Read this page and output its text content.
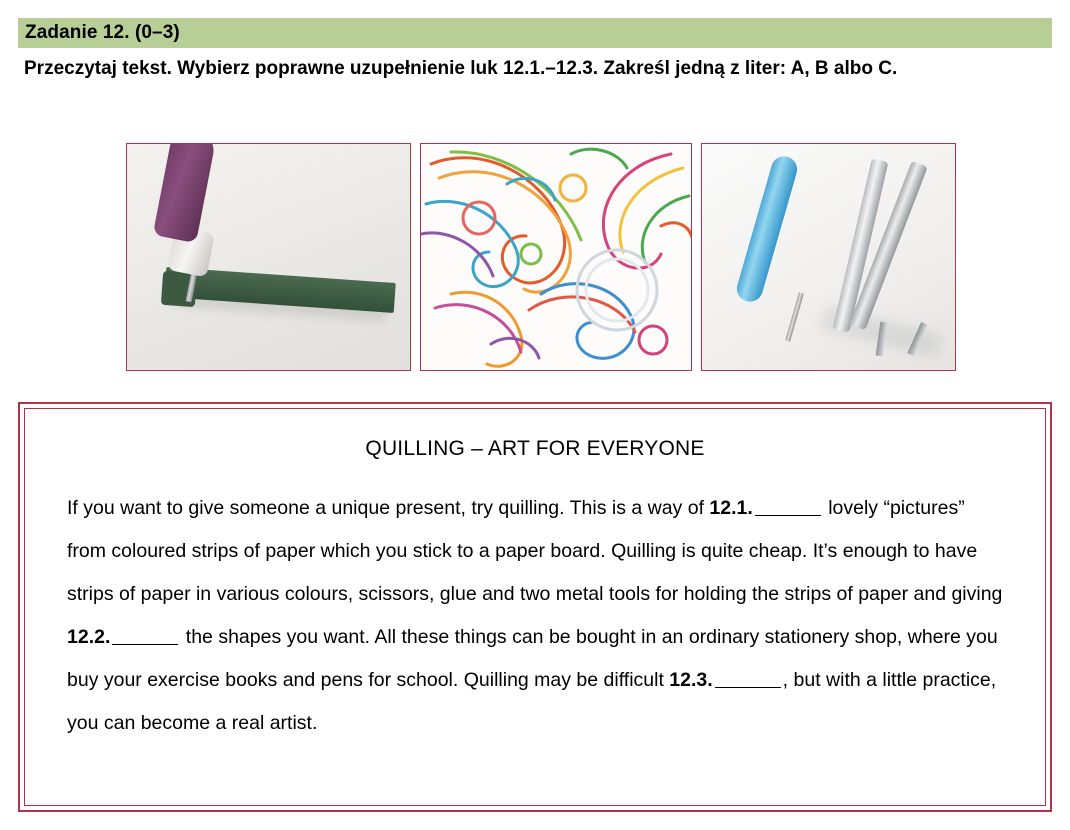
Zadanie 12. (0–3)
Przeczytaj tekst. Wybierz poprawne uzupełnienie luk 12.1.–12.3. Zakreśl jedną z liter: A, B albo C.
QUILLING – ART FOR EVERYONE
If you want to give someone a unique present, try quilling. This is a way of 12.1.	lovely “pictures” from coloured strips of paper which you stick to a paper board. Quilling is quite cheap. It’s enough to have strips of paper in various colours, scissors, glue and two metal tools for holding the strips of paper and giving 12.2.	the shapes you want. All these things can be bought in an ordinary stationery shop, where you buy your exercise books and pens for school. Quilling may be difficult 12.3.	, but with a little practice, you can become a real artist.
